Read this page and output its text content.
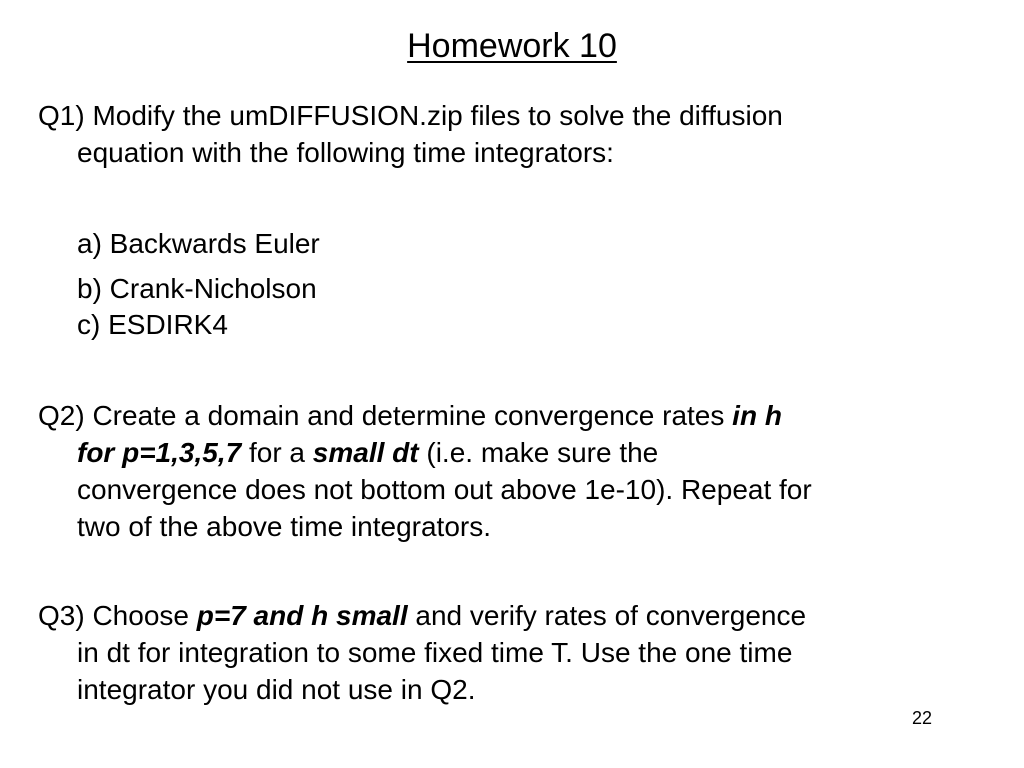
Homework 10
Q1) Modify the umDIFFUSION.zip files to solve the diffusion
equation with the following time integrators:
a) Backwards Euler
b) Crank-Nicholson
c) ESDIRK4
Q2) Create a domain and determine convergence rates in h
for p=1,3,5,7 for a small dt (i.e. make sure the
convergence does not bottom out above 1e-10). Repeat for
two of the above time integrators.
Q3) Choose p=7 and h small and verify rates of convergence
in dt for integration to some fixed time T. Use the one time
integrator you did not use in Q2.
22
